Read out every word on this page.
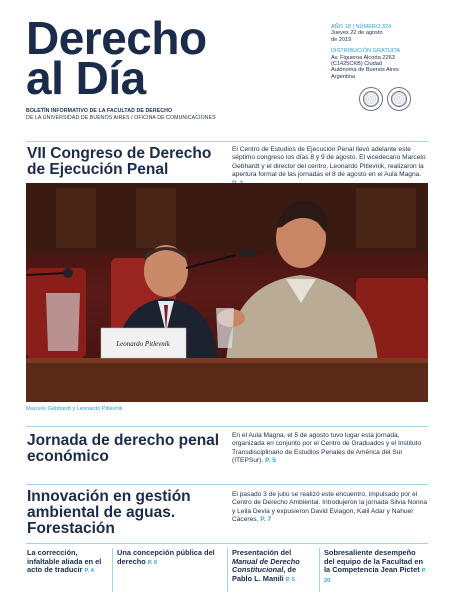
Derecho
al Día
BOLETÍN INFORMATIVO DE LA FACULTAD DE DERECHO
DE LA UNIVERSIDAD DE BUENOS AIRES / OFICINA DE COMUNICACIONES
AÑO 18 | NÚMERO 324
Jueves 22 de agosto
de 2019
DISTRIBUCIÓN GRATUITA
Av. Figueroa Alcorta 2263
(C1425CKB) Ciudad
Autónoma de Buenos Aires
Argentina
VII Congreso de Derecho de Ejecución Penal
El Centro de Estudios de Ejecución Penal llevó adelante este séptimo congreso los días 8 y 9 de agosto. El vicedecano Marcelo Gebhardt y el director del centro, Leonardo Pitlevnik, realizaron la apertura formal de las jornadas el 8 de agosto en el Aula Magna.
Leonardo Pitlevnik
Marcelo Gebhardt y Leonardo Pitlevnik
Jornada de derecho penal económico
En el Aula Magna, el 5 de agosto tuvo lugar esta jornada, organizada en conjunto por el Centro de Graduados y el Instituto Transdisciplinario de Estudios Penales de América del Sur (ITEPSur). P. 5
Innovación en gestión ambiental de aguas. Forestación
El pasado 3 de julio se realizó este encuentro, impulsado por el Centro de Derecho Ambiental. Introdujeron la jornada Silvia Nonna y Leila Devia y expusieron David Eviagon, Kalil Adar y Nahuel Cáceres. P. 7
La corrección, infaltable aliada en el acto de traducir P. 4
Una concepción pública del derecho P. 6
Presentación del Manual de Derecho Constitucional, de Pablo L. Manili P. 5
Sobresaliente desempeño del equipo de la Facultad en la Competencia Jean Pictet P. 20
